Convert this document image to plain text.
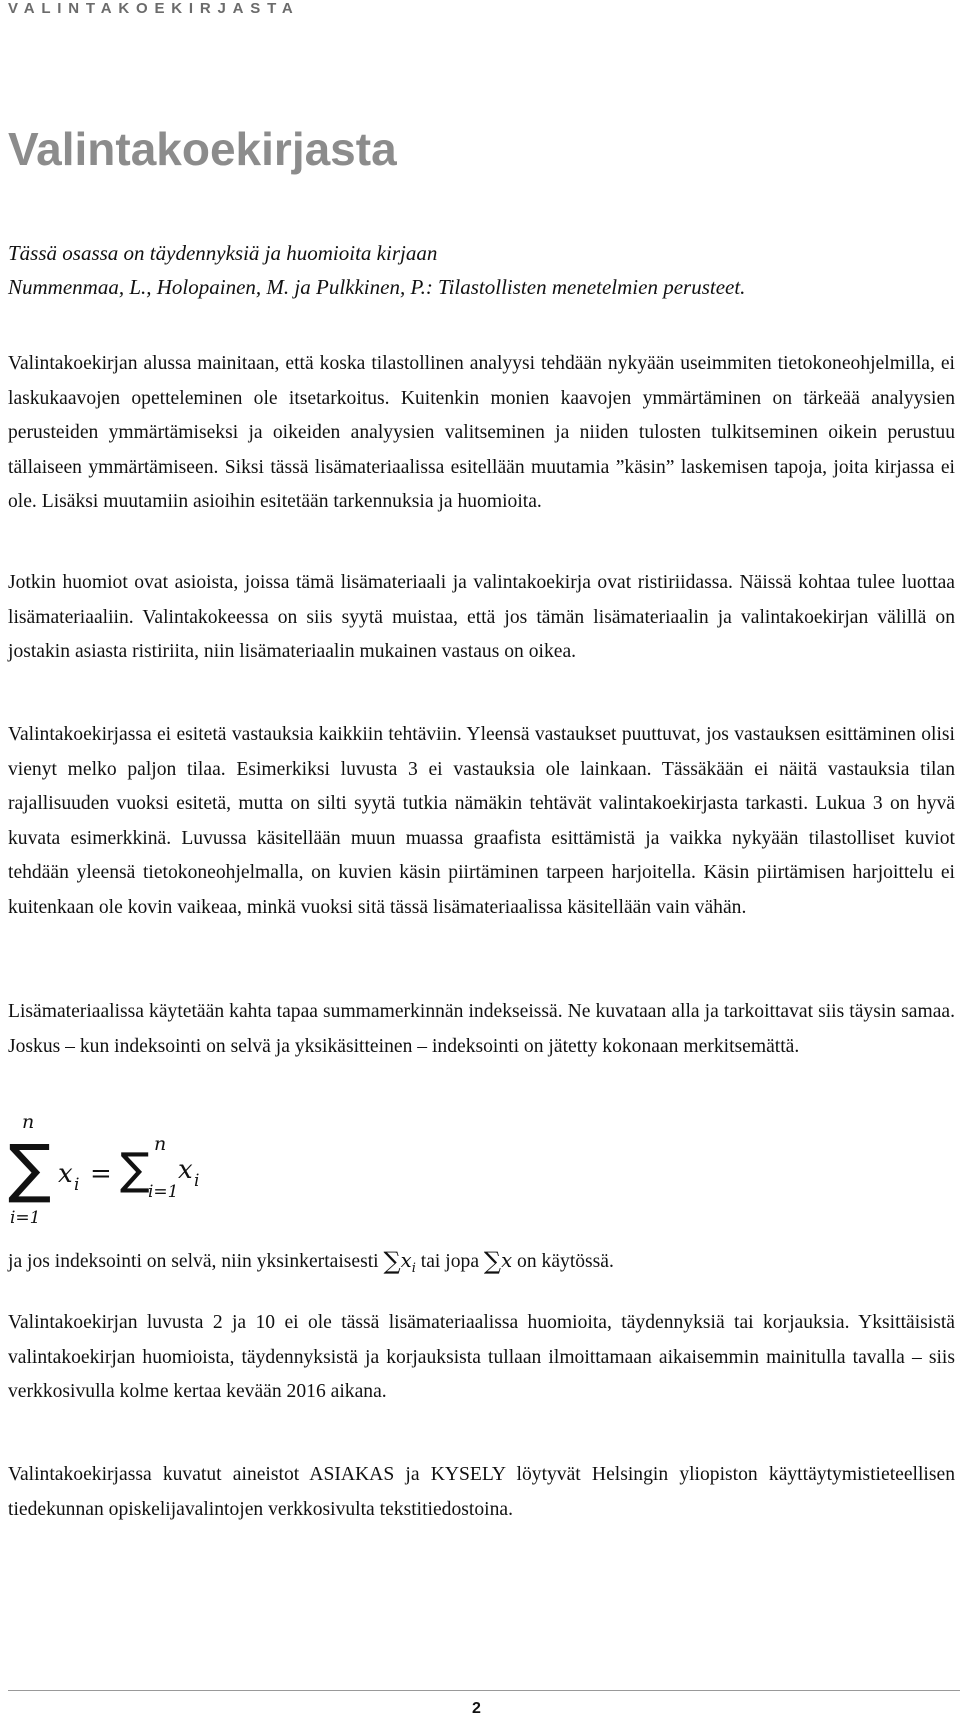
VALINTAKOEKIRJASTA
Valintakoekirjasta

Tässä osassa on täydennyksiä ja huomioita kirjaan
Nummenmaa, L., Holopainen, M. ja Pulkkinen, P.: Tilastollisten menetelmien perusteet.

Valintakoekirjan alussa mainitaan, että koska tilastollinen analyysi tehdään nykyään useimmiten tietokoneohjelmilla, ei laskukaavojen opetteleminen ole itsetarkoitus. Kuitenkin monien kaavojen ymmärtäminen on tärkeää analyysien perusteiden ymmärtämiseksi ja oikeiden analyysien valitseminen ja niiden tulosten tulkitseminen oikein perustuu tällaiseen ymmärtämiseen. Siksi tässä lisämateriaalissa esitellään muutamia ”käsin” laskemisen tapoja, joita kirjassa ei ole. Lisäksi muutamiin asioihin esitetään tarkennuksia ja huomioita.

Jotkin huomiot ovat asioista, joissa tämä lisämateriaali ja valintakoekirja ovat ristiriidassa. Näissä kohtaa tulee luottaa lisämateriaaliin. Valintakokeessa on siis syytä muistaa, että jos tämän lisämateriaalin ja valintakoekirjan välillä on jostakin asiasta ristiriita, niin lisämateriaalin mukainen vastaus on oikea.

Valintakoekirjassa ei esitetä vastauksia kaikkiin tehtäviin. Yleensä vastaukset puuttuvat, jos vastauksen esittäminen olisi vienyt melko paljon tilaa. Esimerkiksi luvusta 3 ei vastauksia ole lainkaan. Tässäkään ei näitä vastauksia tilan rajallisuuden vuoksi esitetä, mutta on silti syytä tutkia nämäkin tehtävät valintakoekirjasta tarkasti. Lukua 3 on hyvä kuvata esimerkkinä. Luvussa käsitellään muun muassa graafista esittämistä ja vaikka nykyään tilastolliset kuviot tehdään yleensä tietokoneohjelmalla, on kuvien käsin piirtäminen tarpeen harjoitella. Käsin piirtämisen harjoittelu ei kuitenkaan ole kovin vaikeaa, minkä vuoksi sitä tässä lisämateriaalissa käsitellään vain vähän.

Lisämateriaalissa käytetään kahta tapaa summamerkinnän indekseissä. Ne kuvataan alla ja tarkoittavat siis täysin samaa. Joskus – kun indeksointi on selvä ja yksikäsitteinen – indeksointi on jätetty kokonaan merkitsemättä.

n
∑
i=1
x i = ∑ n
i=1
x i
ja jos indeksointi on selvä, niin yksinkertaisesti $\sum x_i$ tai jopa ∑x on käytössä.

Valintakoekirjan luvusta 2 ja 10 ei ole tässä lisämateriaalissa huomioita, täydennyksiä tai korjauksia. Yksittäisistä valintakoekirjan huomioista, täydennyksistä ja korjauksista tullaan ilmoittamaan aikaisemmin mainitulla tavalla – siis verkkosivulla kolme kertaa kevään 2016 aikana.

Valintakoekirjassa kuvatut aineistot ASIAKAS ja KYSELY löytyvät Helsingin yliopiston käyttäytymistieteellisen tiedekunnan opiskelijavalintojen verkkosivulta tekstitiedostoina.

2
